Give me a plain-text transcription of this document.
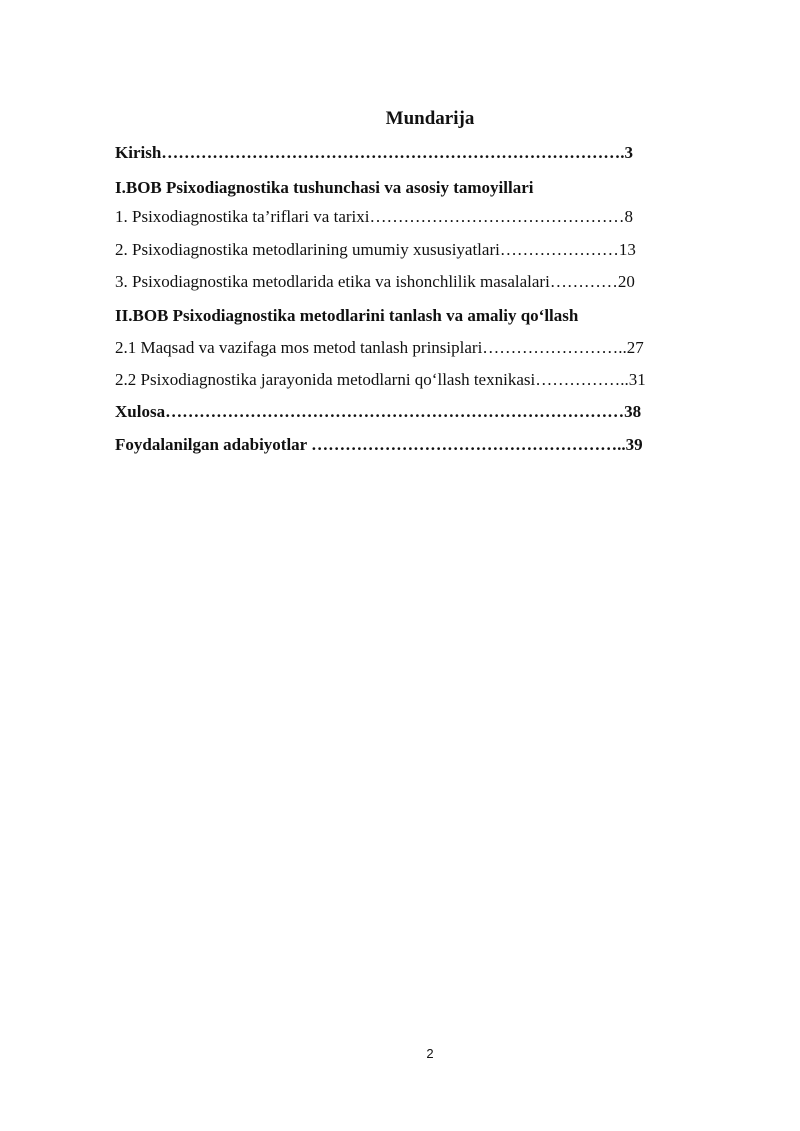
Mundarija
Kirish……………………………………………………………………….3
I.BOB Psixodiagnostika tushunchasi va asosiy tamoyillari
1. Psixodiagnostika ta’riflari va tarixi………………………………………8
2. Psixodiagnostika metodlarining umumiy xususiyatlari…………………13
3. Psixodiagnostika metodlarida etika va ishonchlilik masalalari…………20
II.BOB Psixodiagnostika metodlarini tanlash va amaliy qo‘llash
2.1 Maqsad va vazifaga mos metod tanlash prinsiplari……………………..27
2.2 Psixodiagnostika jarayonida metodlarni qo‘llash texnikasi……………..31
Xulosa………………………………………………………………………38
Foydalanilgan adabiyotlar ………………………………………………..39
2
